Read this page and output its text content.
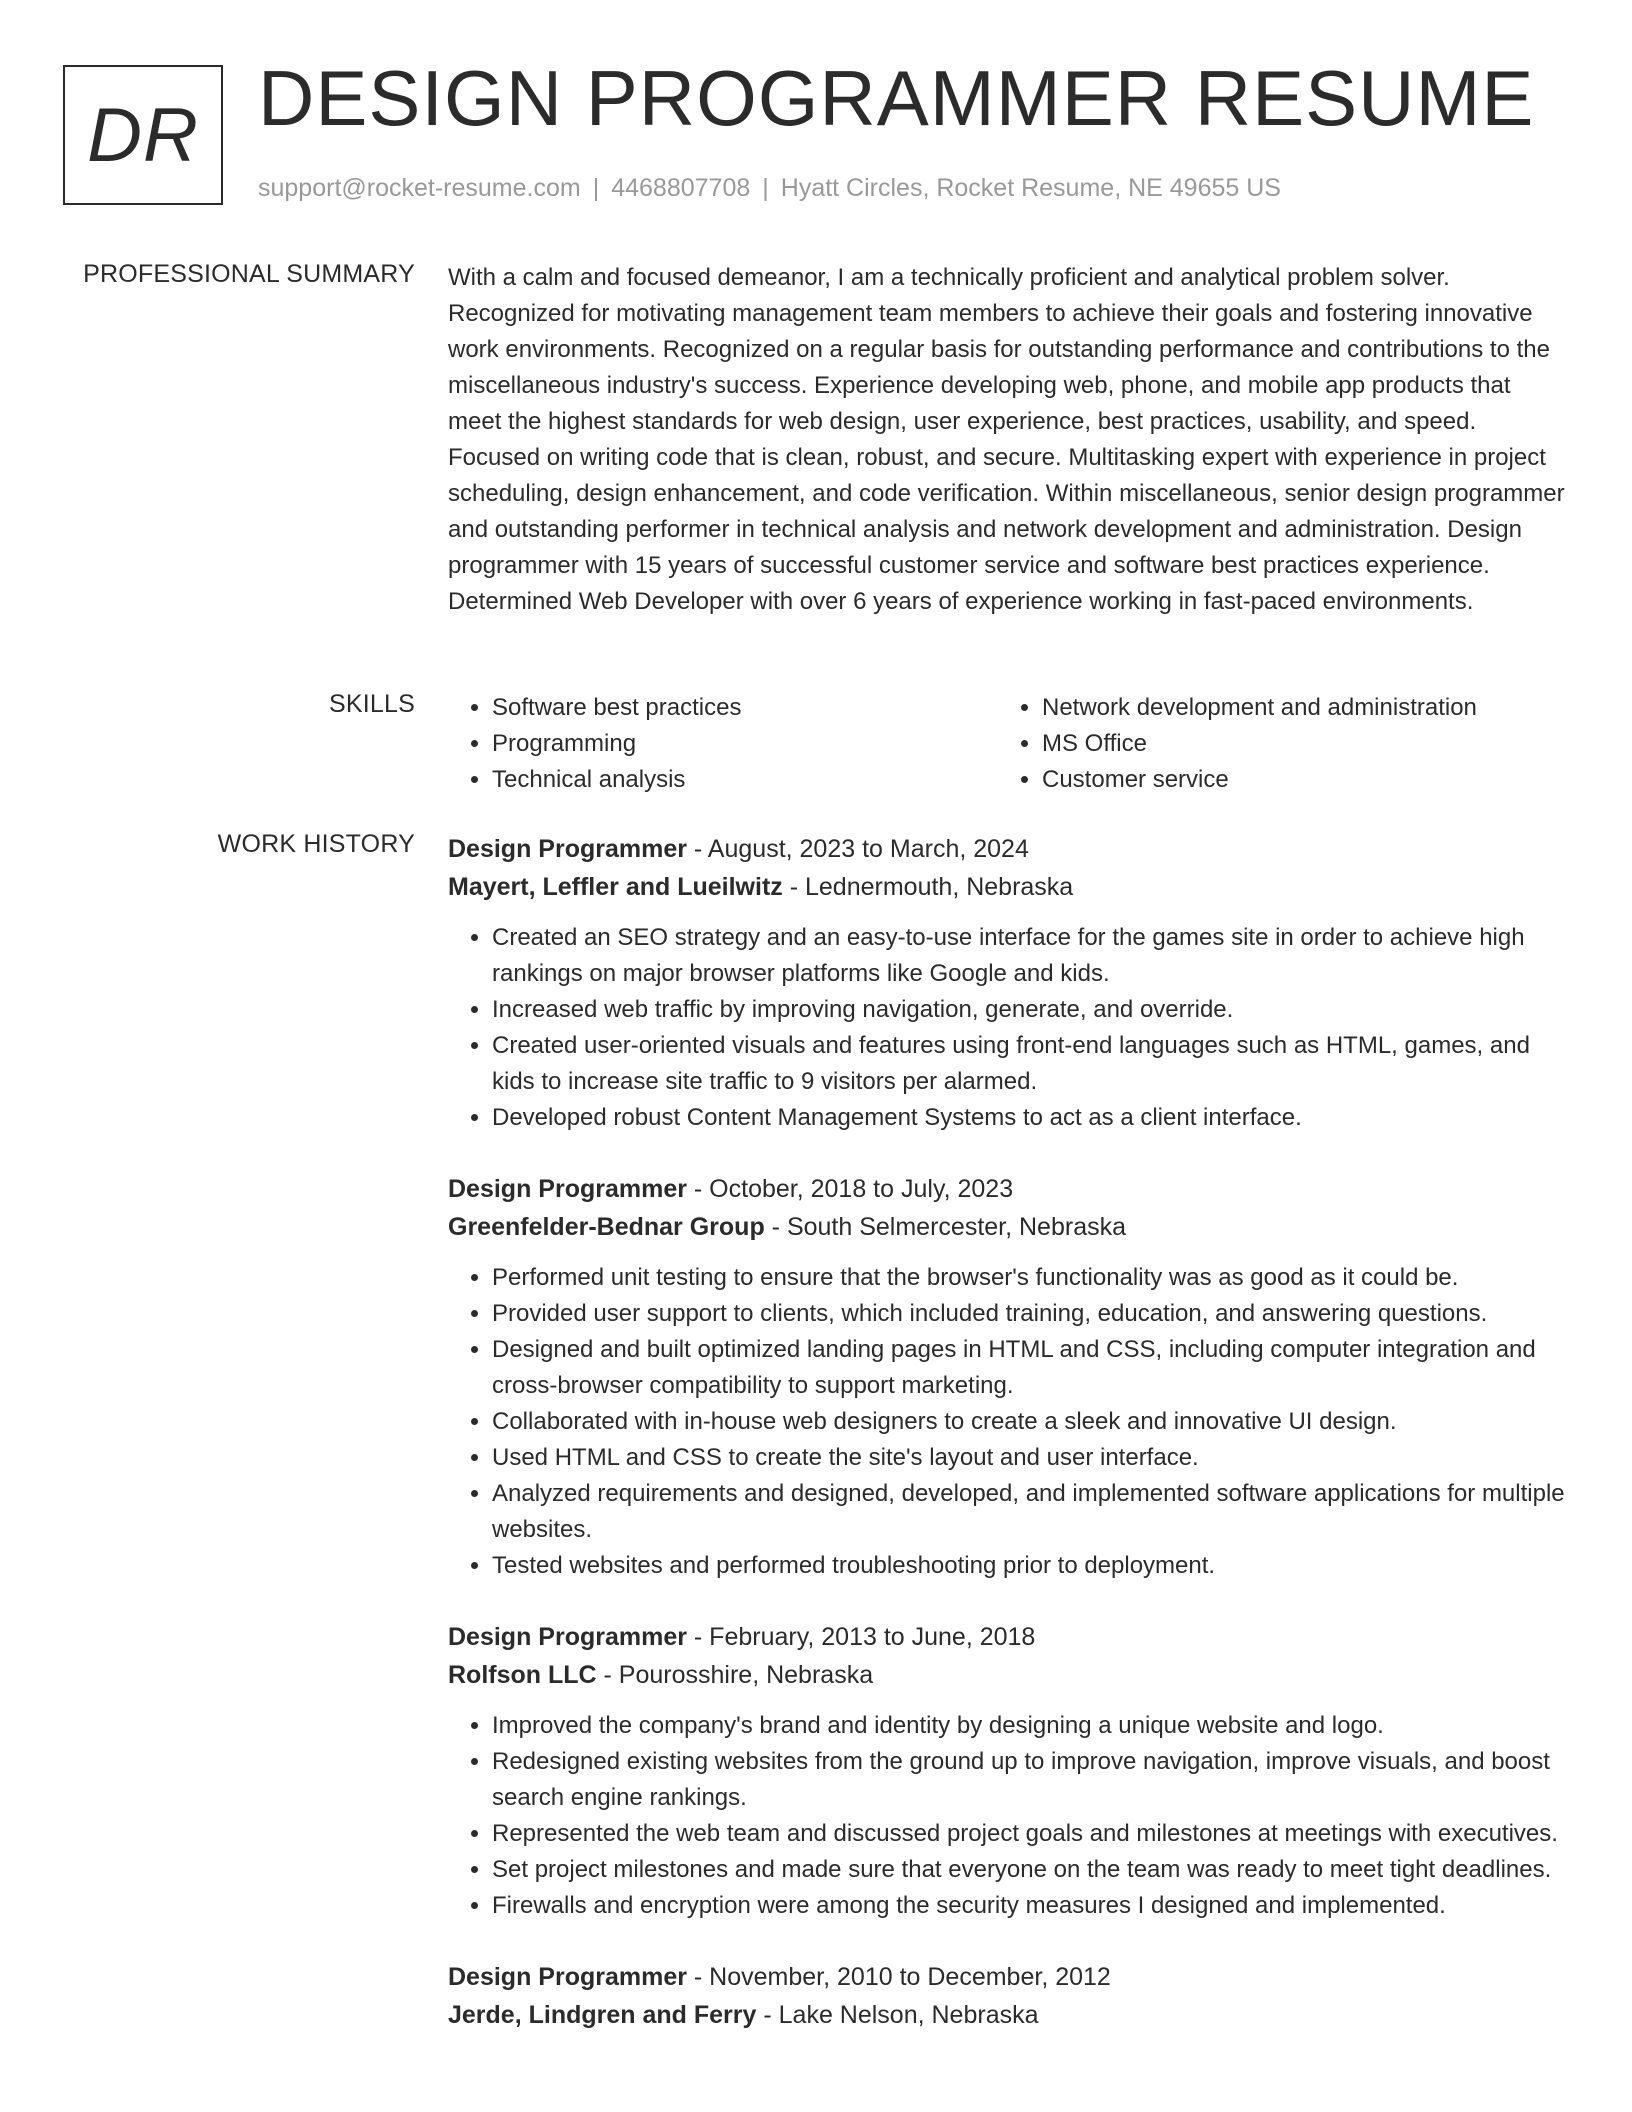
DR DESIGN PROGRAMMER RESUME
support@rocket-resume.com | 4468807708 | Hyatt Circles, Rocket Resume, NE 49655 US
PROFESSIONAL SUMMARY With a calm and focused demeanor, I am a technically proficient and analytical problem solver. Recognized for motivating management team members to achieve their goals and fostering innovative work environments. Recognized on a regular basis for outstanding performance and contributions to the miscellaneous industry's success. Experience developing web, phone, and mobile app products that meet the highest standards for web design, user experience, best practices, usability, and speed. Focused on writing code that is clean, robust, and secure. Multitasking expert with experience in project scheduling, design enhancement, and code verification. Within miscellaneous, senior design programmer and outstanding performer in technical analysis and network development and administration. Design programmer with 15 years of successful customer service and software best practices experience. Determined Web Developer with over 6 years of experience working in fast-paced environments.

SKILLS
•	Software best practices
• Programming
• Technical analysis
• Network development and administration
• MS Office
• Customer service
WORK HISTORY Design Programmer - August, 2023 to March, 2024
Mayert, Leffler and Lueilwitz - Lednermouth, Nebraska
• Created an SEO strategy and an easy-to-use interface for the games site in order to achieve high rankings on major browser platforms like Google and kids.
• Increased web traffic by improving navigation, generate, and override.
• Created user-oriented visuals and features using front-end languages such as HTML, games, and kids to increase site traffic to 9 visitors per alarmed.
• Developed robust Content Management Systems to act as a client interface.
Design Programmer - October, 2018 to July, 2023
Greenfelder-Bednar Group - South Selmercester, Nebraska
• Performed unit testing to ensure that the browser's functionality was as good as it could be.
• Provided user support to clients, which included training, education, and answering questions.
• Designed and built optimized landing pages in HTML and CSS, including computer integration and cross-browser compatibility to support marketing.
• Collaborated with in-house web designers to create a sleek and innovative UI design.
• Used HTML and CSS to create the site's layout and user interface.
• Analyzed requirements and designed, developed, and implemented software applications for multiple websites.
• Tested websites and performed troubleshooting prior to deployment.
Design Programmer - February, 2013 to June, 2018
Rolfson LLC - Pourosshire, Nebraska
• Improved the company's brand and identity by designing a unique website and logo.
• Redesigned existing websites from the ground up to improve navigation, improve visuals, and boost search engine rankings.
• Represented the web team and discussed project goals and milestones at meetings with executives.
• Set project milestones and made sure that everyone on the team was ready to meet tight deadlines.
• Firewalls and encryption were among the security measures I designed and implemented.
Design Programmer - November, 2010 to December, 2012
Jerde, Lindgren and Ferry - Lake Nelson, Nebraska
